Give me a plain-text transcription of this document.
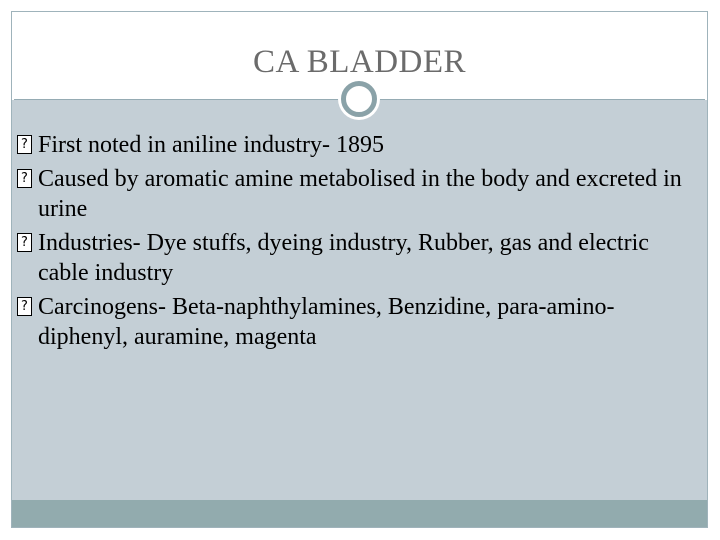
CA BLADDER
? First noted in aniline industry- 1895
? Caused by aromatic amine metabolised in the body and excreted in urine
? Industries- Dye stuffs, dyeing industry, Rubber, gas and electric cable industry
? Carcinogens- Beta-naphthylamines, Benzidine, para-amino-diphenyl, auramine, magenta
